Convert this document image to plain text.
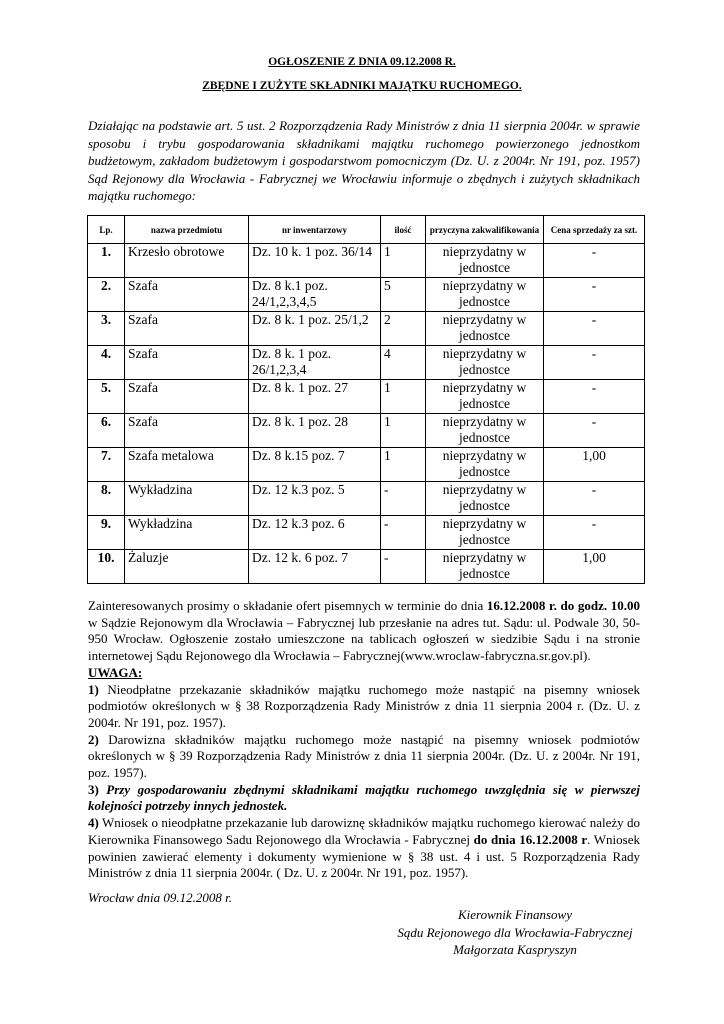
OGŁOSZENIE Z DNIA 09.12.2008 R.
ZBĘDNE I ZUŻYTE SKŁADNIKI MAJĄTKU RUCHOMEGO.
Działając na podstawie art. 5 ust. 2 Rozporządzenia Rady Ministrów z dnia 11 sierpnia 2004r. w sprawie sposobu i trybu gospodarowania składnikami majątku ruchomego powierzonego jednostkom budżetowym, zakładom budżetowym i gospodarstwom pomocniczym (Dz. U. z 2004r. Nr 191, poz. 1957) Sąd Rejonowy dla Wrocławia - Fabrycznej we Wrocławiu informuje o zbędnych i zużytych składnikach majątku ruchomego:
Lp.	nazwa przedmiotu	nr inwentarzowy	ilość	przyczyna zakwalifikowania	Cena sprzedaży za szt.
1.	Krzesło obrotowe	Dz. 10 k. 1 poz. 36/14	1	nieprzydatny w jednostce	-
2.	Szafa	Dz. 8 k.1 poz. 24/1,2,3,4,5	5	nieprzydatny w jednostce	-
3.	Szafa	Dz. 8 k. 1 poz. 25/1,2	2	nieprzydatny w jednostce	-
4.	Szafa	Dz. 8 k. 1 poz. 26/1,2,3,4	4	nieprzydatny w jednostce	-
5.	Szafa	Dz. 8 k. 1 poz. 27	1	nieprzydatny w jednostce	-
6.	Szafa	Dz. 8 k. 1 poz. 28	1	nieprzydatny w jednostce	-
7.	Szafa metalowa	Dz. 8 k.15 poz. 7	1	nieprzydatny w jednostce	1,00
8.	Wykładzina	Dz. 12 k.3 poz. 5	-	nieprzydatny w jednostce	-
9.	Wykładzina	Dz. 12 k.3 poz. 6	-	nieprzydatny w jednostce	-
10.	Żaluzje	Dz. 12 k. 6 poz. 7	-	nieprzydatny w jednostce	1,00

Zainteresowanych prosimy o składanie ofert pisemnych w terminie do dnia 16.12.2008 r. do godz. 10.00 w Sądzie Rejonowym dla Wrocławia – Fabrycznej lub przesłanie na adres tut. Sądu: ul. Podwale 30, 50-950 Wrocław. Ogłoszenie zostało umieszczone na tablicach ogłoszeń w siedzibie Sądu i na stronie internetowej Sądu Rejonowego dla Wrocławia – Fabrycznej(www.wroclaw-fabryczna.sr.gov.pl).

UWAGA:

1) Nieodpłatne przekazanie składników majątku ruchomego może nastąpić na pisemny wniosek podmiotów określonych w § 38 Rozporządzenia Rady Ministrów z dnia 11 sierpnia 2004 r. (Dz. U. z 2004r. Nr 191, poz. 1957).

2) Darowizna składników majątku ruchomego może nastąpić na pisemny wniosek podmiotów określonych w § 39 Rozporządzenia Rady Ministrów z dnia 11 sierpnia 2004r. (Dz. U. z 2004r. Nr 191, poz. 1957).

3) Przy gospodarowaniu zbędnymi składnikami majątku ruchomego uwzględnia się w pierwszej kolejności potrzeby innych jednostek.

4) Wniosek o nieodpłatne przekazanie lub darowiznę składników majątku ruchomego kierować należy do Kierownika Finansowego Sadu Rejonowego dla Wrocławia - Fabrycznej do dnia 16.12.2008 r. Wniosek powinien zawierać elementy i dokumenty wymienione w § 38 ust. 4 i ust. 5 Rozporządzenia Rady Ministrów z dnia 11 sierpnia 2004r. ( Dz. U. z 2004r. Nr 191, poz. 1957).

Wrocław dnia 09.12.2008 r.
Kierownik Finansowy
Sądu Rejonowego dla Wrocławia-Fabrycznej
Małgorzata Kaspryszyn
